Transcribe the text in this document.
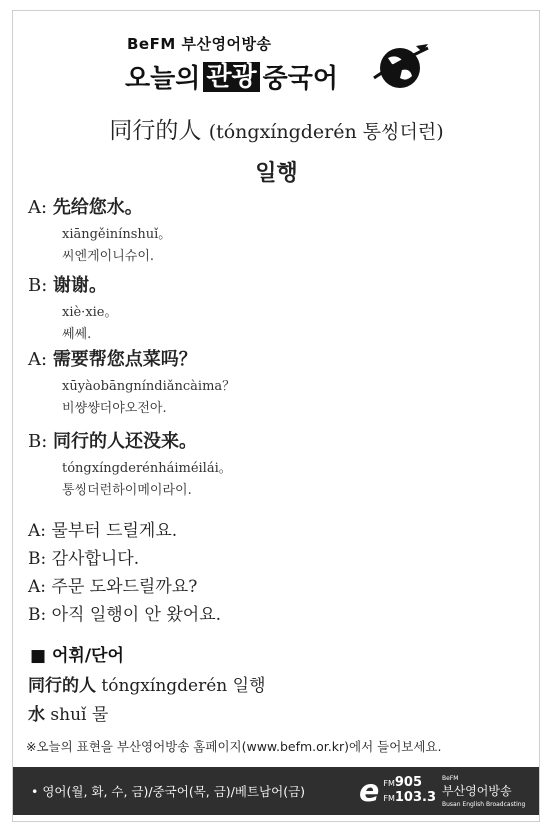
BeFM 부산영어방송
오늘의 관광 중국어
同行的人 (tóngxíngderén 통씽더런)
일행
A: 先给您水。
xiāngěinínshuǐ。
씨엔게이니슈이.
B: 谢谢。
xiè·xie。
쎄쎄.
A: 需要帮您点菜吗？
xūyàobāngníndiǎncàima？
비썅썅더야오전아.
B: 同行的人还没来。
tóngxíngderénháiméilái。
통씽더런하이메이라이.
A: 물부터 드릴게요.
B: 감사합니다.
A: 주문 도와드릴까요?
B: 아직 일행이 안 왔어요.
■ 어휘/단어
同行的人 tóngxíngderén 일행
水 shuǐ 물
※오늘의 표현을 부산영어방송 홈페이지(www.befm.or.kr)에서 들어보세요.
• 영어(월, 화, 수, 금)/중국어(목, 금)/베트남어(금)	e FM905
FM103.3
BeFM
부산영어방송
Busan English Broadcasting
